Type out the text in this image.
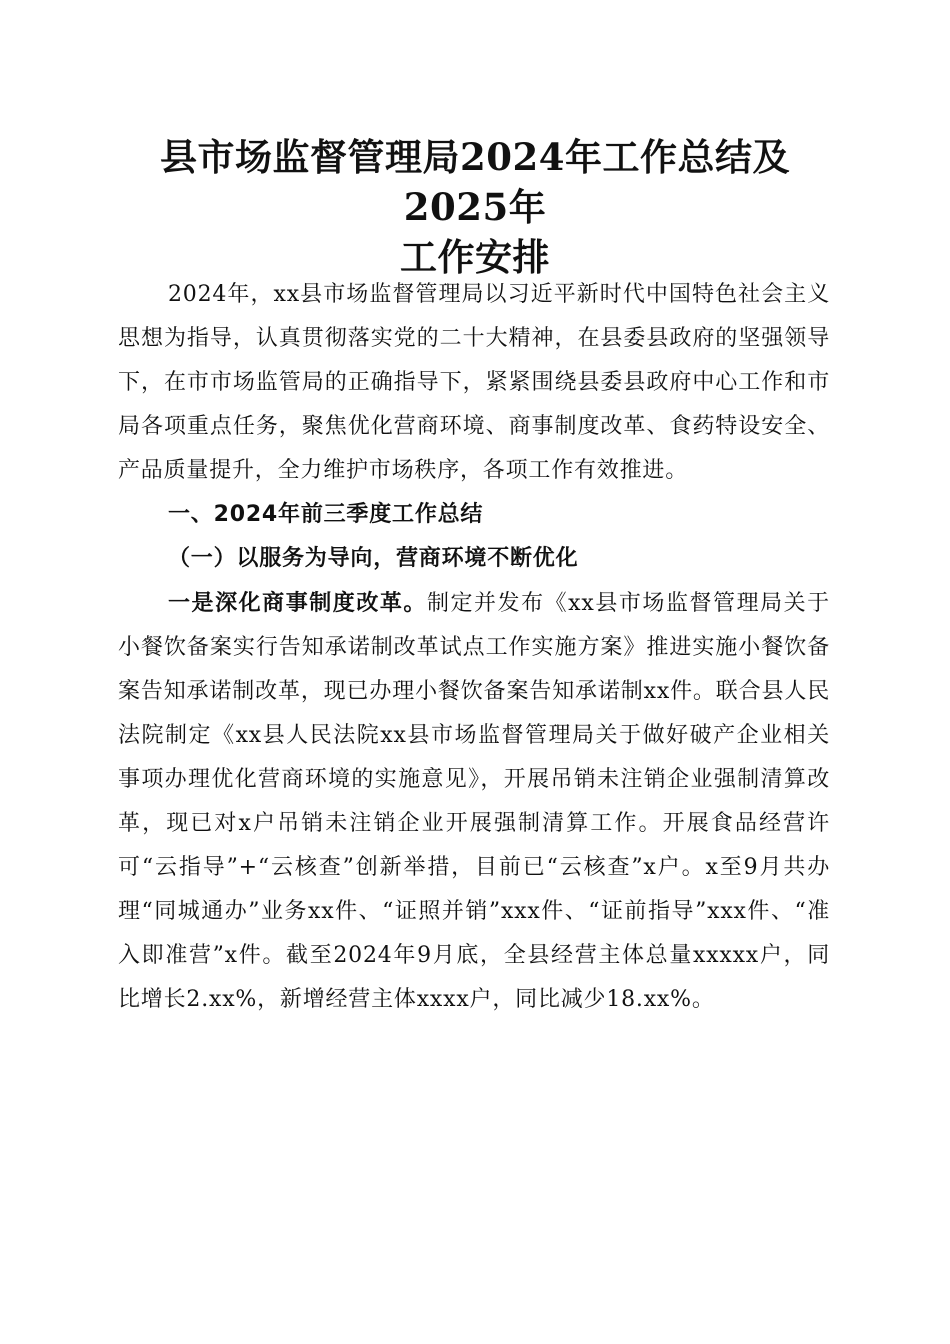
县市场监督管理局2024年工作总结及2025年
工作安排

2024年，xx县市场监督管理局以习近平新时代中国特色社会主义思想为指导，认真贯彻落实党的二十大精神，在县委县政府的坚强领导下，在市市场监管局的正确指导下，紧紧围绕县委县政府中心工作和市局各项重点任务，聚焦优化营商环境、商事制度改革、食药特设安全、产品质量提升，全力维护市场秩序，各项工作有效推进。

一、2024年前三季度工作总结

（一）以服务为导向，营商环境不断优化

一是深化商事制度改革。制定并发布《xx县市场监督管理局关于小餐饮备案实行告知承诺制改革试点工作实施方案》推进实施小餐饮备案告知承诺制改革，现已办理小餐饮备案告知承诺制xx件。联合县人民法院制定《xx县人民法院xx县市场监督管理局关于做好破产企业相关事项办理优化营商环境的实施意见》，开展吊销未注销企业强制清算改革，现已对x户吊销未注销企业开展强制清算工作。开展食品经营许可“云指导”+“云核查”创新举措，目前已“云核查”x户。x至9月共办理“同城通办”业务xx件、“证照并销”xxx件、“证前指导”xxx件、“准入即准营”x件。截至2024年9月底，全县经营主体总量xxxxx户，同比增长2.xx%，新增经营主体xxxx户，同比减少18.xx%。
